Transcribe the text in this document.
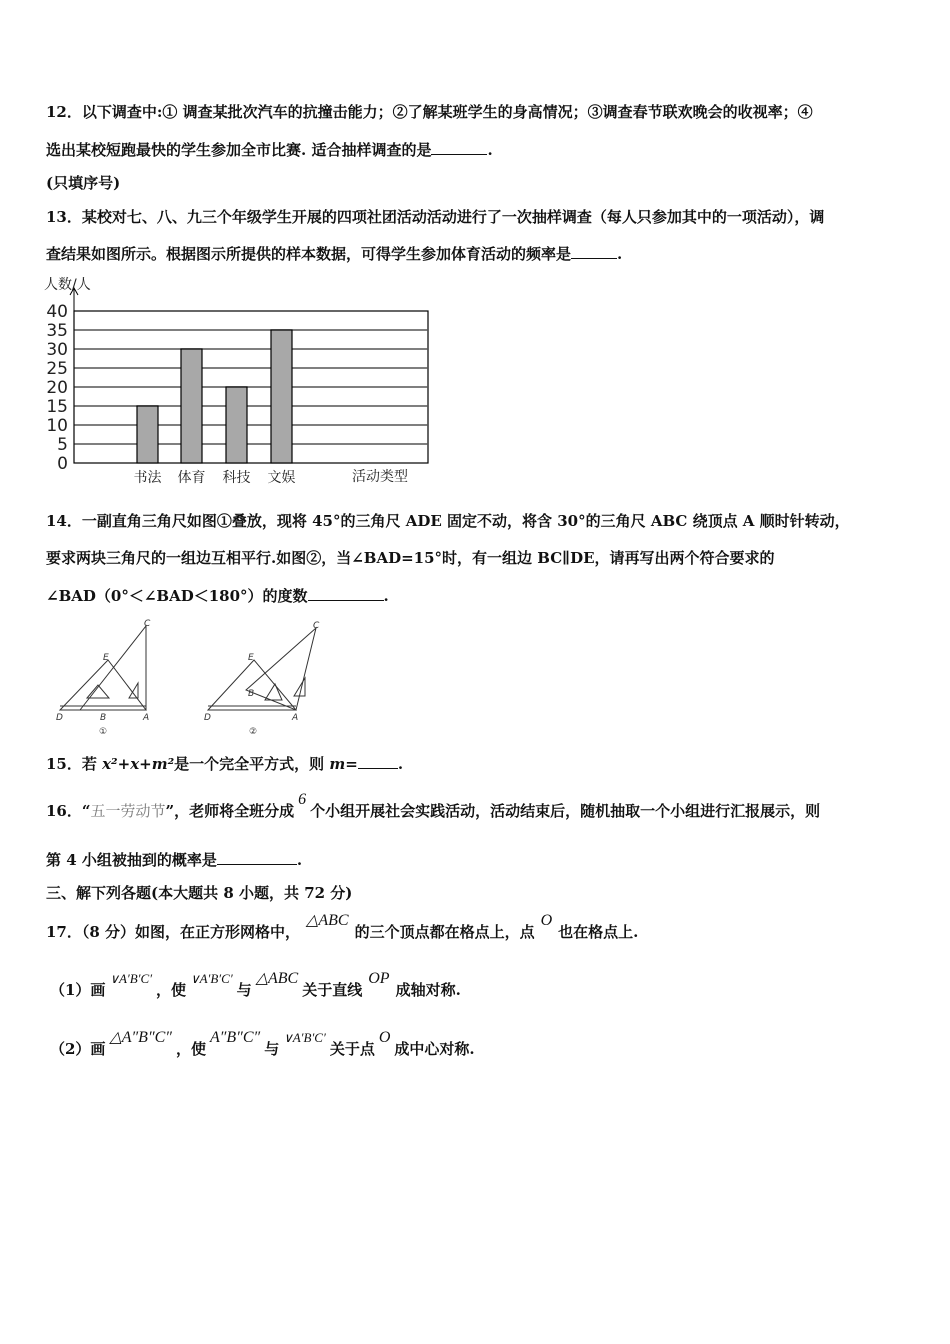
12．以下调查中:① 调查某批次汽车的抗撞击能力；②了解某班学生的身高情况；③调查春节联欢晚会的收视率；④
选出某校短跑最快的学生参加全市比赛. 适合抽样调查的是	.
(只填序号)
13．某校对七、八、九三个年级学生开展的四项社团活动活动进行了一次抽样调查（每人只参加其中的一项活动），调
查结果如图所示。根据图示所提供的样本数据，可得学生参加体育活动的频率是	.
0
5
10
15
20
25
30
35
40
人数/人
书法 体育 科技 文娱	活动类型
14．一副直角三角尺如图①叠放，现将 45°的三角尺 ADE 固定不动，将含 30°的三角尺 ABC 绕顶点 A 顺时针转动，
要求两块三角尺的一组边互相平行.如图②，当∠BAD=15°时，有一组边 BC∥DE，请再写出两个符合要求的
∠BAD（0°＜∠BAD＜180°）的度数	.
C
E
D	B	A
①
C
E
B
D	A
②
15．若 x²+x+m²是一个完全平方式，则 m=	.
16．“五一劳动节”，老师将全班分成6个小组开展社会实践活动，活动结束后，随机抽取一个小组进行汇报展示，则
第 4 小组被抽到的概率是	.
三、解下列各题(本大题共 8 小题，共 72 分)
17．（8 分）如图，在正方形网格中，△ABC的三个顶点都在格点上，点O也在格点上.
（1）画∨A′B′C′，使∨A′B′C′与△ABC关于直线OP成轴对称.
（2）画△A″B″C″，使A″B″C″与∨A′B′C′关于点O成中心对称.
